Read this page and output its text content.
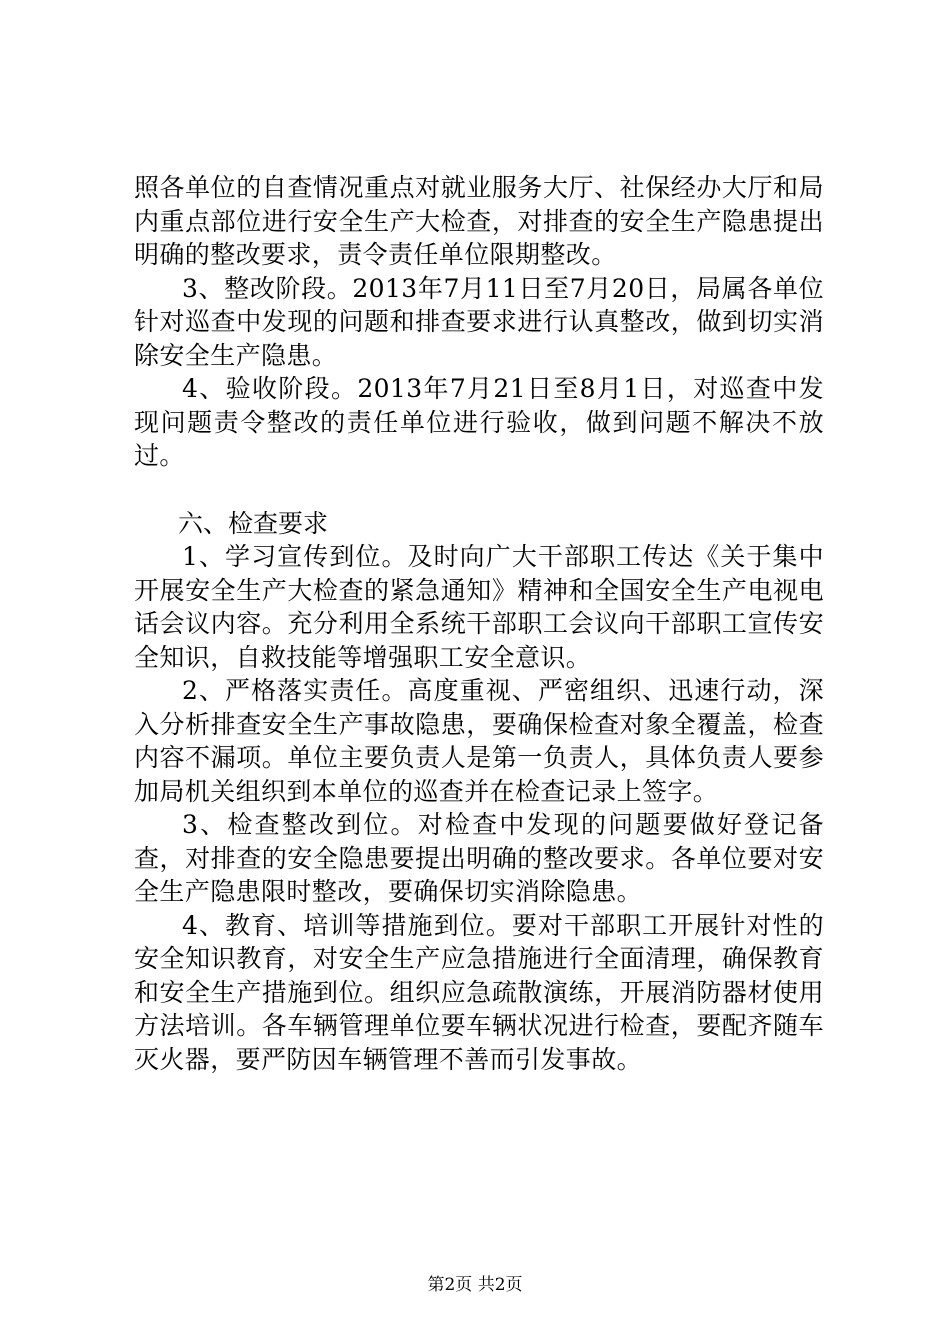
照各单位的自查情况重点对就业服务大厅、社保经办大厅和局内重点部位进行安全生产大检查，对排查的安全生产隐患提出明确的整改要求，责令责任单位限期整改。

3、整改阶段。2013年7月11日至7月20日，局属各单位针对巡查中发现的问题和排查要求进行认真整改，做到切实消除安全生产隐患。

4、验收阶段。2013年7月21日至8月1日，对巡查中发现问题责令整改的责任单位进行验收，做到问题不解决不放过。

六、检查要求

1、学习宣传到位。及时向广大干部职工传达《关于集中开展安全生产大检查的紧急通知》精神和全国安全生产电视电话会议内容。充分利用全系统干部职工会议向干部职工宣传安全知识，自救技能等增强职工安全意识。

2、严格落实责任。高度重视、严密组织、迅速行动，深入分析排查安全生产事故隐患，要确保检查对象全覆盖，检查内容不漏项。单位主要负责人是第一负责人，具体负责人要参加局机关组织到本单位的巡查并在检查记录上签字。

3、检查整改到位。对检查中发现的问题要做好登记备查，对排查的安全隐患要提出明确的整改要求。各单位要对安全生产隐患限时整改，要确保切实消除隐患。

4、教育、培训等措施到位。要对干部职工开展针对性的安全知识教育，对安全生产应急措施进行全面清理，确保教育和安全生产措施到位。组织应急疏散演练，开展消防器材使用方法培训。各车辆管理单位要车辆状况进行检查，要配齐随车灭火器，要严防因车辆管理不善而引发事故。

第2页 共2页
